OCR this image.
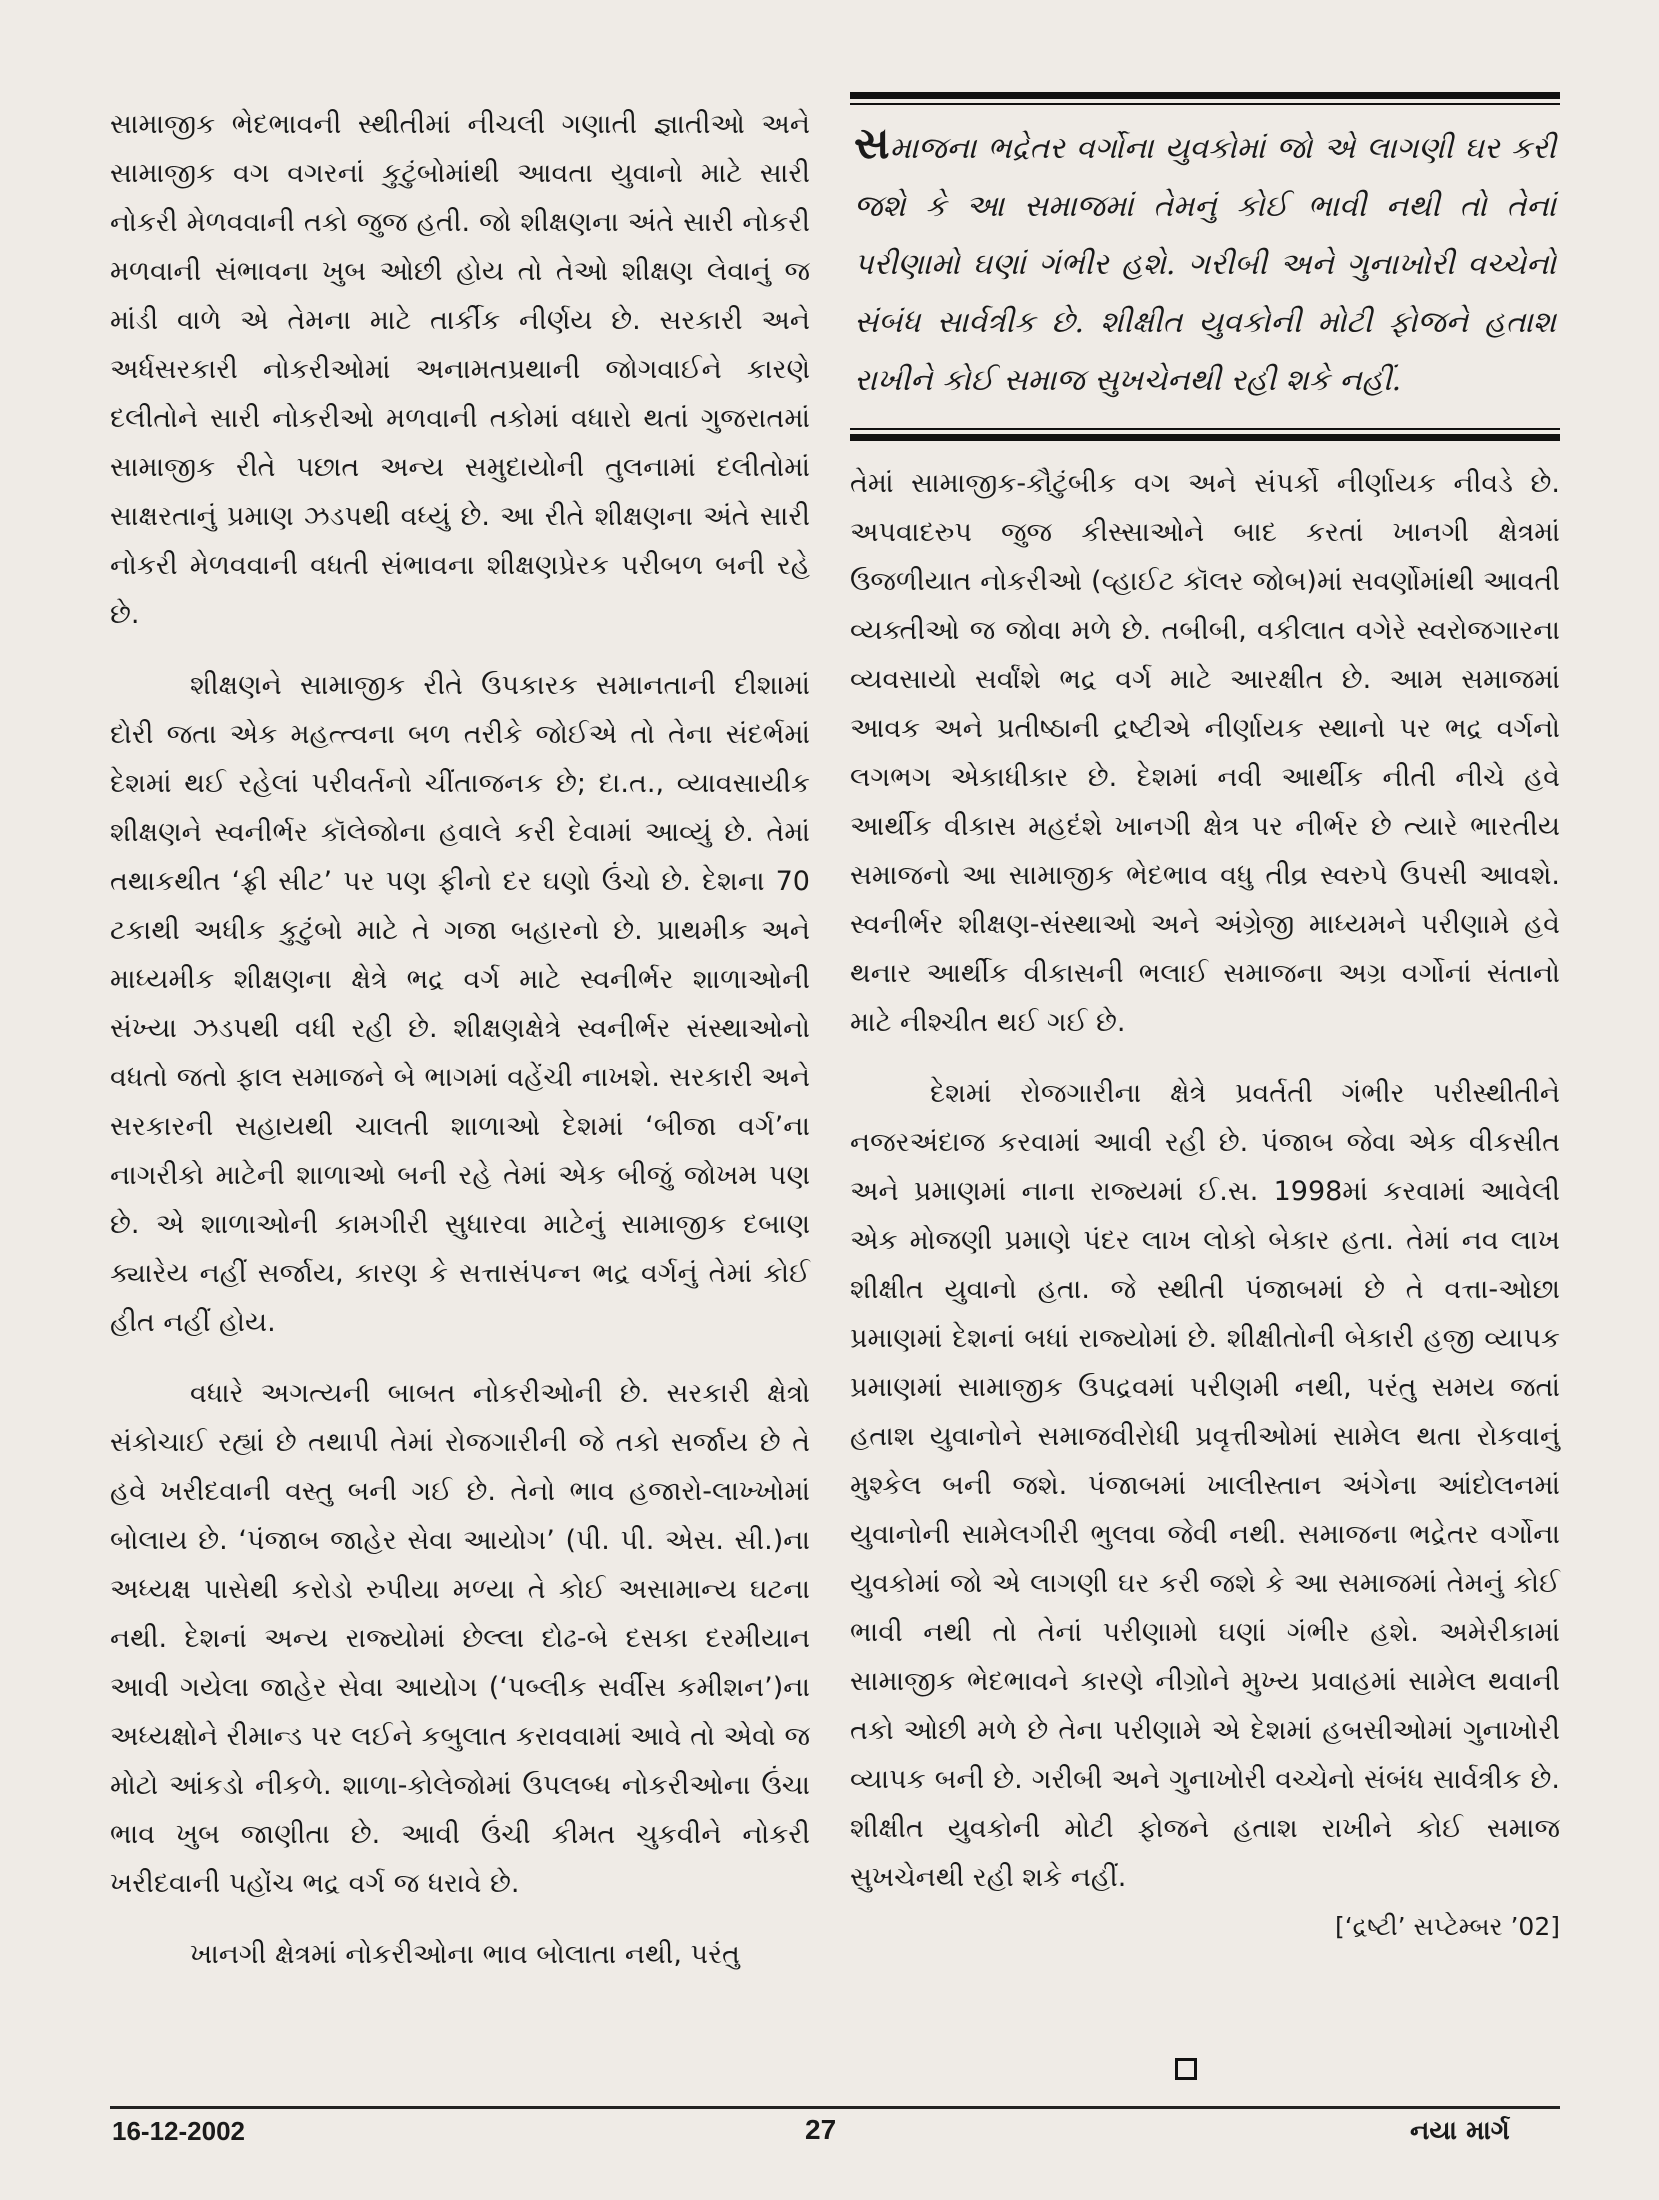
સામાજીક ભેદભાવની સ્થીતીમાં નીચલી ગણાતી જ્ઞાતીઓ અને સામાજીક વગ વગરનાં કુટુંબોમાંથી આવતા યુવાનો માટે સારી નોકરી મેળવવાની તકો જુજ હતી. જો શીક્ષણના અંતે સારી નોકરી મળવાની સંભાવના ખુબ ઓછી હોય તો તેઓ શીક્ષણ લેવાનું જ માંડી વાળે એ તેમના માટે તાર્કીક નીર્ણય છે. સરકારી અને અર્ધસરકારી નોકરીઓમાં અનામતપ્રથાની જોગવાઈને કારણે દલીતોને સારી નોકરીઓ મળવાની તકોમાં વધારો થતાં ગુજરાતમાં સામાજીક રીતે પછાત અન્ય સમુદાયોની તુલનામાં દલીતોમાં સાક્ષરતાનું પ્રમાણ ઝડપથી વધ્યું છે. આ રીતે શીક્ષણના અંતે સારી નોકરી મેળવવાની વધતી સંભાવના શીક્ષણપ્રેરક પરીબળ બની રહે છે.

શીક્ષણને સામાજીક રીતે ઉપકારક સમાનતાની દીશામાં દોરી જતા એક મહત્ત્વના બળ તરીકે જોઈએ તો તેના સંદર્ભમાં દેશમાં થઈ રહેલાં પરીવર્તનો ચીંતાજનક છે; દા.ત., વ્યાવસાયીક શીક્ષણને સ્વનીર્ભર કૉલેજોના હવાલે કરી દેવામાં આવ્યું છે. તેમાં તથાકથીત ‘ફ્રી સીટ’ પર પણ ફીનો દર ઘણો ઉંચો છે. દેશના 70 ટકાથી અધીક કુટુંબો માટે તે ગજા બહારનો છે. પ્રાથમીક અને માધ્યમીક શીક્ષણના ક્ષેત્રે ભદ્ર વર્ગ માટે સ્વનીર્ભર શાળાઓની સંખ્યા ઝડપથી વધી રહી છે. શીક્ષણક્ષેત્રે સ્વનીર્ભર સંસ્થાઓનો વધતો જતો ફાલ સમાજને બે ભાગમાં વહેંચી નાખશે. સરકારી અને સરકારની સહાયથી ચાલતી શાળાઓ દેશમાં ‘બીજા વર્ગ’ના નાગરીકો માટેની શાળાઓ બની રહે તેમાં એક બીજું જોખમ પણ છે. એ શાળાઓની કામગીરી સુધારવા માટેનું સામાજીક દબાણ ક્યારેય નહીં સર્જાય, કારણ કે સત્તાસંપન્ન ભદ્ર વર્ગનું તેમાં કોઈ હીત નહીં હોય.

વધારે અગત્યની બાબત નોકરીઓની છે. સરકારી ક્ષેત્રો સંકોચાઈ રહ્યાં છે તથાપી તેમાં રોજગારીની જે તકો સર્જાય છે તે હવે ખરીદવાની વસ્તુ બની ગઈ છે. તેનો ભાવ હજારો-લાખ્ખોમાં બોલાય છે. ‘પંજાબ જાહેર સેવા આયોગ’ (પી. પી. એસ. સી.)ના અધ્યક્ષ પાસેથી કરોડો રુપીયા મળ્યા તે કોઈ અસામાન્ય ઘટના નથી. દેશનાં અન્ય રાજ્યોમાં છેલ્લા દોઢ-બે દસકા દરમીયાન આવી ગયેલા જાહેર સેવા આયોગ (‘પબ્લીક સર્વીસ કમીશન’)ના અધ્યક્ષોને રીમાન્ડ પર લઈને કબુલાત કરાવવામાં આવે તો એવો જ મોટો આંકડો નીકળે. શાળા-કોલેજોમાં ઉપલબ્ધ નોકરીઓના ઉંચા ભાવ ખુબ જાણીતા છે. આવી ઉંચી કીમત ચુકવીને નોકરી ખરીદવાની પહોંચ ભદ્ર વર્ગ જ ધરાવે છે.

ખાનગી ક્ષેત્રમાં નોકરીઓના ભાવ બોલાતા નથી, પરંતુ

સમાજના ભદ્રેતર વર્ગોના યુવકોમાં જો એ લાગણી ઘર કરી જશે કે આ સમાજમાં તેમનું કોઈ ભાવી નથી તો તેનાં પરીણામો ઘણાં ગંભીર હશે. ગરીબી અને ગુનાખોરી વચ્ચેનો સંબંધ સાર્વત્રીક છે. શીક્ષીત યુવકોની મોટી ફોજને હતાશ રાખીને કોઈ સમાજ સુખચેનથી રહી શકે નહીં.

તેમાં સામાજીક-કૌટુંબીક વગ અને સંપર્કો નીર્ણાયક નીવડે છે. અપવાદરુપ જુજ કીસ્સાઓને બાદ કરતાં ખાનગી ક્ષેત્રમાં ઉજળીયાત નોકરીઓ (વ્હાઈટ કૉલર જોબ)માં સવર્ણોમાંથી આવતી વ્યક્તીઓ જ જોવા મળે છે. તબીબી, વકીલાત વગેરે સ્વરોજગારના વ્યવસાયો સર્વાંશે ભદ્ર વર્ગ માટે આરક્ષીત છે. આમ સમાજમાં આવક અને પ્રતીષ્ઠાની દ્રષ્ટીએ નીર્ણાયક સ્થાનો પર ભદ્ર વર્ગનો લગભગ એકાધીકાર છે. દેશમાં નવી આર્થીક નીતી નીચે હવે આર્થીક વીકાસ મહદંશે ખાનગી ક્ષેત્ર પર નીર્ભર છે ત્યારે ભારતીય સમાજનો આ સામાજીક ભેદભાવ વધુ તીવ્ર સ્વરુપે ઉપસી આવશે. સ્વનીર્ભર શીક્ષણ-સંસ્થાઓ અને અંગ્રેજી માધ્યમને પરીણામે હવે થનાર આર્થીક વીકાસની ભલાઈ સમાજના અગ્ર વર્ગોનાં સંતાનો માટે નીશ્ચીત થઈ ગઈ છે.

દેશમાં રોજગારીના ક્ષેત્રે પ્રવર્તતી ગંભીર પરીસ્થીતીને નજરઅંદાજ કરવામાં આવી રહી છે. પંજાબ જેવા એક વીકસીત અને પ્રમાણમાં નાના રાજ્યમાં ઈ.સ. 1998માં કરવામાં આવેલી એક મોજણી પ્રમાણે પંદર લાખ લોકો બેકાર હતા. તેમાં નવ લાખ શીક્ષીત યુવાનો હતા. જે સ્થીતી પંજાબમાં છે તે વત્તા-ઓછા પ્રમાણમાં દેશનાં બધાં રાજ્યોમાં છે. શીક્ષીતોની બેકારી હજી વ્યાપક પ્રમાણમાં સામાજીક ઉપદ્રવમાં પરીણમી નથી, પરંતુ સમય જતાં હતાશ યુવાનોને સમાજવીરોધી પ્રવૃત્તીઓમાં સામેલ થતા રોકવાનું મુશ્કેલ બની જશે. પંજાબમાં ખાલીસ્તાન અંગેના આંદોલનમાં યુવાનોની સામેલગીરી ભુલવા જેવી નથી. સમાજના ભદ્રેતર વર્ગોના યુવકોમાં જો એ લાગણી ઘર કરી જશે કે આ સમાજમાં તેમનું કોઈ ભાવી નથી તો તેનાં પરીણામો ઘણાં ગંભીર હશે. અમેરીકામાં સામાજીક ભેદભાવને કારણે નીગ્રોને મુખ્ય પ્રવાહમાં સામેલ થવાની તકો ઓછી મળે છે તેના પરીણામે એ દેશમાં હબસીઓમાં ગુનાખોરી વ્યાપક બની છે. ગરીબી અને ગુનાખોરી વચ્ચેનો સંબંધ સાર્વત્રીક છે. શીક્ષીત યુવકોની મોટી ફોજને હતાશ રાખીને કોઈ સમાજ સુખચેનથી રહી શકે નહીં.

[‘દ્રષ્ટી’ સપ્ટેમ્બર ’02]
16-12-2002	27	નયા માર્ગ
